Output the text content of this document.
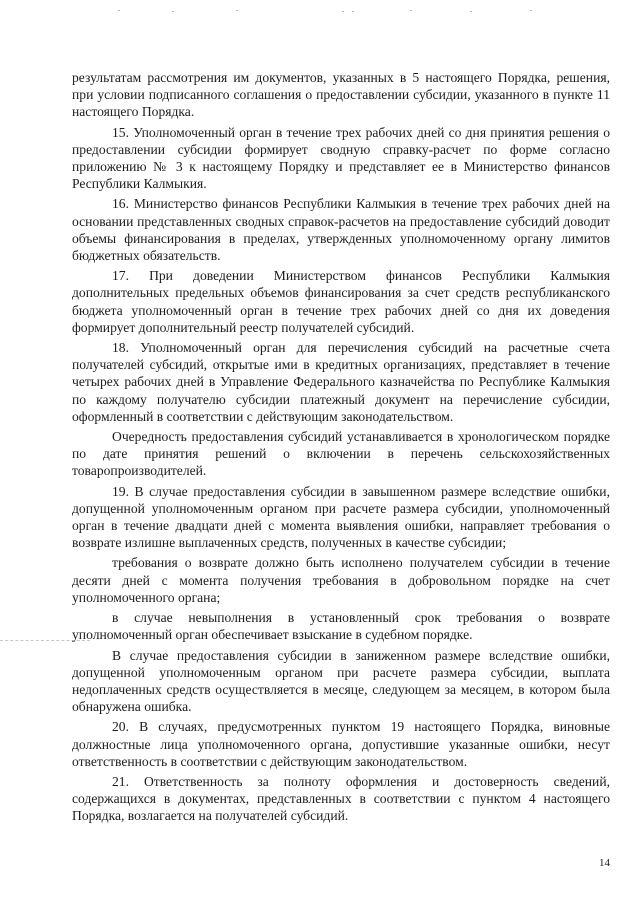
результатам рассмотрения им документов, указанных в 5 настоящего Порядка, решения, при условии подписанного соглашения о предоставлении субсидии, указанного в пункте 11 настоящего Порядка.

15. Уполномоченный орган в течение трех рабочих дней со дня принятия решения о предоставлении субсидии формирует сводную справку-расчет по форме согласно приложению № 3 к настоящему Порядку и представляет ее в Министерство финансов Республики Калмыкия.

16. Министерство финансов Республики Калмыкия в течение трех рабочих дней на основании представленных сводных справок-расчетов на предоставление субсидий доводит объемы финансирования в пределах, утвержденных уполномоченному органу лимитов бюджетных обязательств.

17. При доведении Министерством финансов Республики Калмыкия дополнительных предельных объемов финансирования за счет средств республиканского бюджета уполномоченный орган в течение трех рабочих дней со дня их доведения формирует дополнительный реестр получателей субсидий.

18. Уполномоченный орган для перечисления субсидий на расчетные счета получателей субсидий, открытые ими в кредитных организациях, представляет в течение четырех рабочих дней в Управление Федерального казначейства по Республике Калмыкия по каждому получателю субсидии платежный документ на перечисление субсидии, оформленный в соответствии с действующим законодательством.

Очередность предоставления субсидий устанавливается в хронологическом порядке по дате принятия решений о включении в перечень сельскохозяйственных товаропроизводителей.

19. В случае предоставления субсидии в завышенном размере вследствие ошибки, допущенной уполномоченным органом при расчете размера субсидии, уполномоченный орган в течение двадцати дней с момента выявления ошибки, направляет требования о возврате излишне выплаченных средств, полученных в качестве субсидии;

требования о возврате должно быть исполнено получателем субсидии в течение десяти дней с момента получения требования в добровольном порядке на счет уполномоченного органа;

в случае невыполнения в установленный срок требования о возврате уполномоченный орган обеспечивает взыскание в судебном порядке.

В случае предоставления субсидии в заниженном размере вследствие ошибки, допущенной уполномоченным органом при расчете размера субсидии, выплата недоплаченных средств осуществляется в месяце, следующем за месяцем, в котором была обнаружена ошибка.

20. В случаях, предусмотренных пунктом 19 настоящего Порядка, виновные должностные лица уполномоченного органа, допустившие указанные ошибки, несут ответственность в соответствии с действующим законодательством.

21. Ответственность за полноту оформления и достоверность сведений, содержащихся в документах, представленных в соответствии с пунктом 4 настоящего Порядка, возлагается на получателей субсидий.

14
